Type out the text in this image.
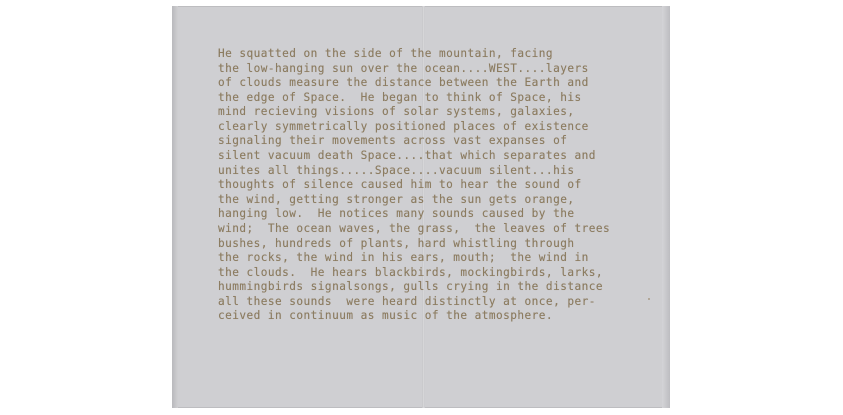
He squatted on the side of the mountain, facing
the low-hanging sun over the ocean....WEST....layers
of clouds measure the distance between the Earth and
the edge of Space.  He began to think of Space, his
mind recieving visions of solar systems, galaxies,
clearly symmetrically positioned places of existence
signaling their movements across vast expanses of
silent vacuum death Space....that which separates and
unites all things.....Space....vacuum silent...his
thoughts of silence caused him to hear the sound of
the wind, getting stronger as the sun gets orange,
hanging low.  He notices many sounds caused by the
wind;  The ocean waves, the grass,  the leaves of trees
bushes, hundreds of plants, hard whistling through
the rocks, the wind in his ears, mouth;  the wind in
the clouds.  He hears blackbirds, mockingbirds, larks,
hummingbirds signalsongs, gulls crying in the distance
all these sounds  were heard distinctly at once, per-
ceived in continuum as music of the atmosphere.
